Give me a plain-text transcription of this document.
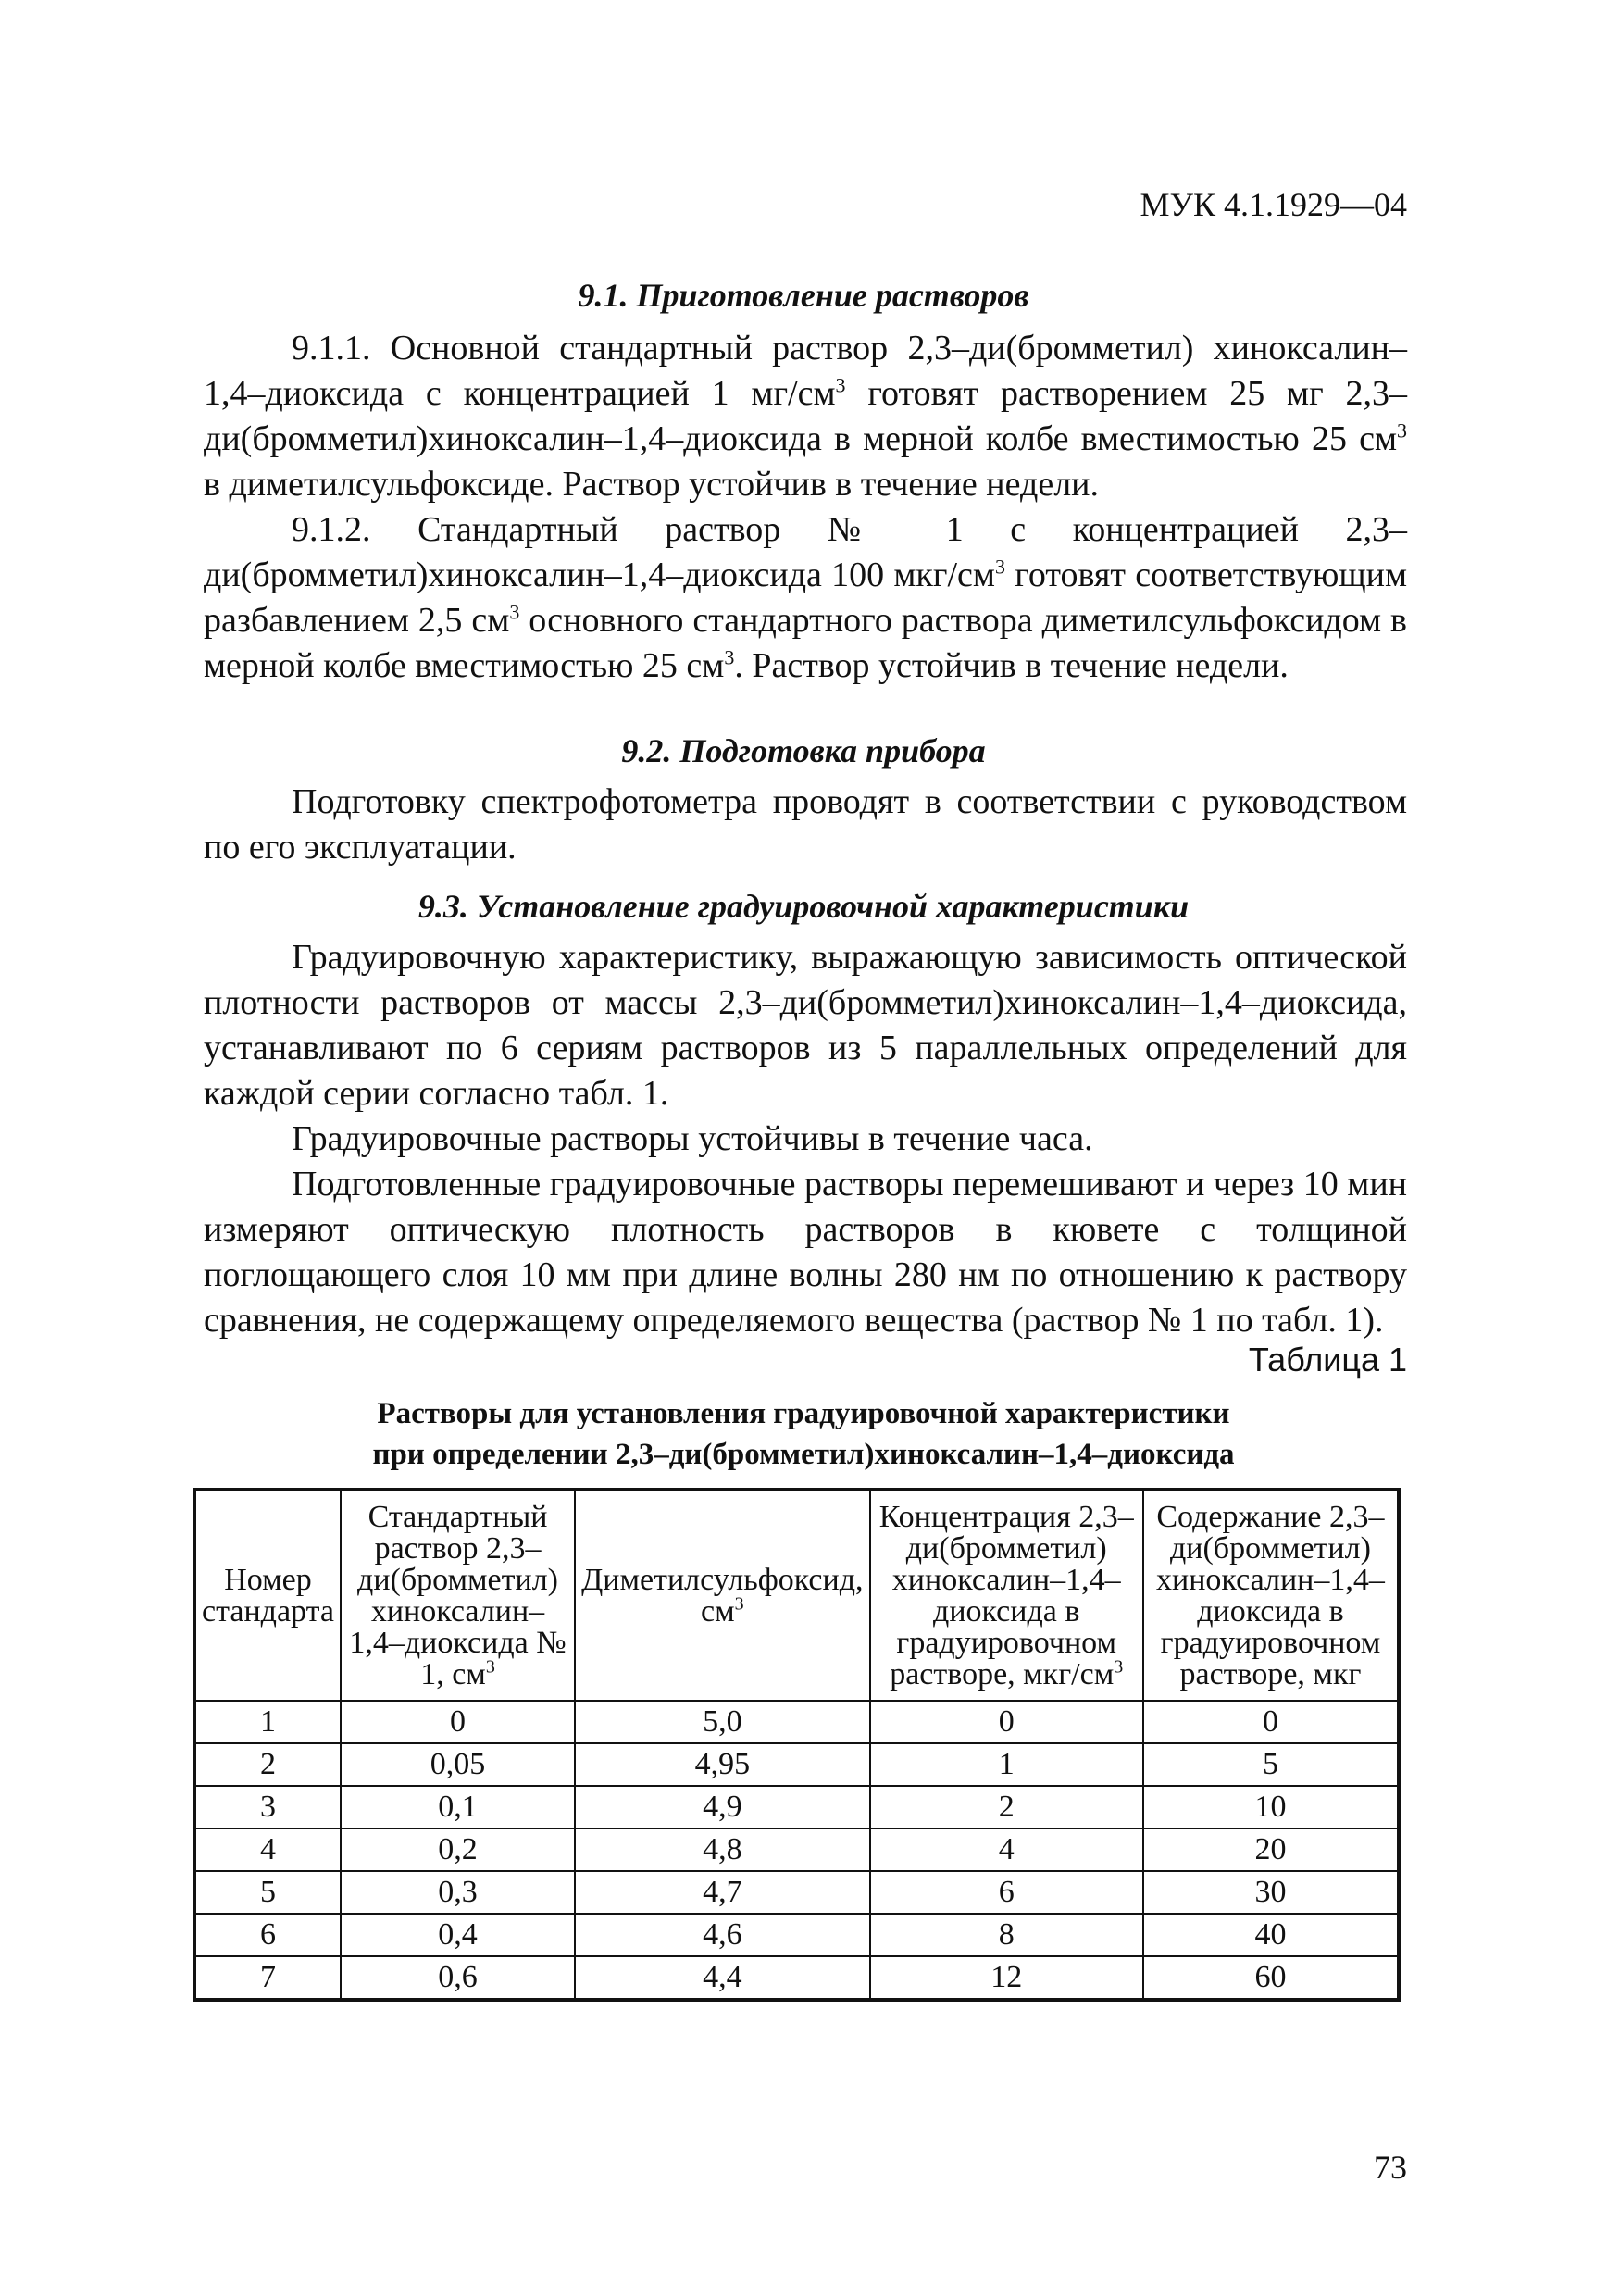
МУК 4.1.1929—04
9.1. Приготовление растворов

9.1.1. Основной стандартный раствор 2,3–ди(бромметил) хиноксалин–1,4–диоксида с концентрацией 1 $мг/см^3$ готовят растворением 25 мг 2,3–ди(бромметил)хиноксалин–1,4–диоксида в мерной колбе вместимостью 25 $см^3$ в диметилсульфоксиде. Раствор устойчив в течение недели.

9.1.2. Стандартный раствор № 1 с концентрацией 2,3–ди(бромметил)хиноксалин–1,4–диоксида 100 мкг/$см^3$ готовят соответствующим разбавлением 2,5 $см^3$ основного стандартного раствора диметилсульфоксидом в мерной колбе вместимостью 25 $см^3$. Раствор устойчив в течение недели.

9.2. Подготовка прибора

Подготовку спектрофотометра проводят в соответствии с руководством по его эксплуатации.

9.3. Установление градуировочной характеристики

Градуировочную характеристику, выражающую зависимость оптической плотности растворов от массы 2,3–ди(бромметил)хиноксалин–1,4–диоксида, устанавливают по 6 сериям растворов из 5 параллельных определений для каждой серии согласно табл. 1.

Градуировочные растворы устойчивы в течение часа.

Подготовленные градуировочные растворы перемешивают и через 10 мин измеряют оптическую плотность растворов в кювете с толщиной поглощающего слоя 10 мм при длине волны 280 нм по отношению к раствору сравнения, не содержащему определяемого вещества (раствор № 1 по табл. 1).

Таблица 1
Растворы для установления градуировочной характеристики
при определении 2,3–ди(бромметил)хиноксалин–1,4–диоксида
Номер стандарта	Стандартный раствор 2,3–ди(бромметил) хиноксалин–1,4–диоксида № 1, $см^3$	Диметилсульфоксид, $см^3$	Концентрация 2,3–ди(бромметил) хиноксалин–1,4–диоксида в градуировочном растворе, мкг/$см^3$	Содержание 2,3–ди(бромметил) хиноксалин–1,4–диоксида в градуировочном растворе, мкг
1	0	5,0	0	0
2	0,05	4,95	1	5
3	0,1	4,9	2	10
4	0,2	4,8	4	20
5	0,3	4,7	6	30
6	0,4	4,6	8	40
7	0,6	4,4	12	60
73
